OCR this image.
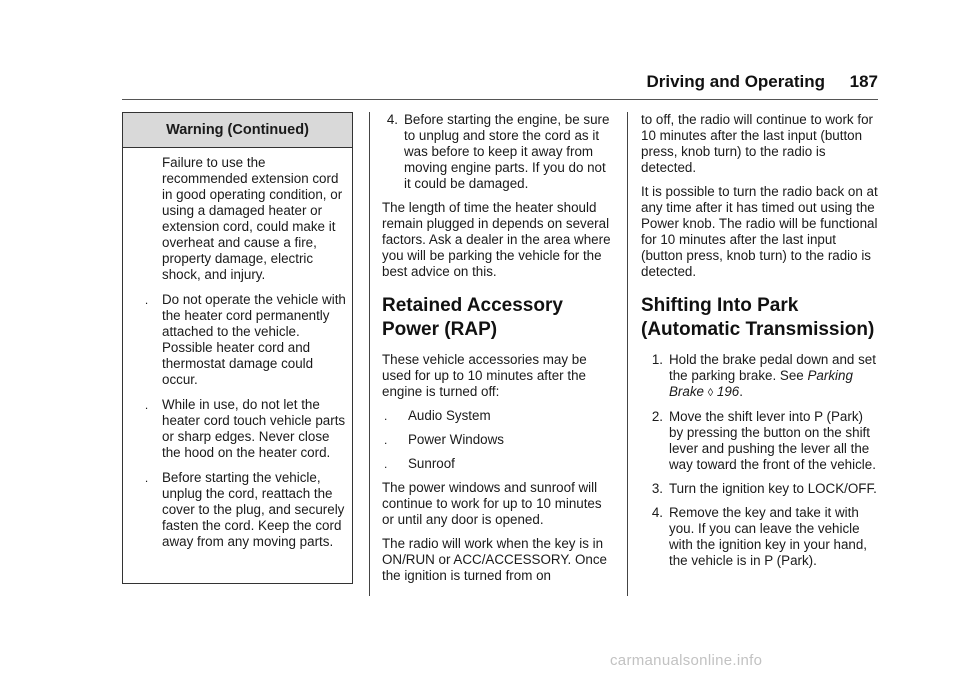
Driving and Operating	187
Warning (Continued)

Failure to use the recommended extension cord in good operating condition, or using a damaged heater or extension cord, could make it overheat and cause a fire, property damage, electric shock, and injury.

.	Do not operate the vehicle with the heater cord permanently attached to the vehicle. Possible heater cord and thermostat damage could occur.
.	While in use, do not let the heater cord touch vehicle parts or sharp edges. Never close the hood on the heater cord.
.	Before starting the vehicle, unplug the cord, reattach the cover to the plug, and securely fasten the cord. Keep the cord away from any moving parts.
4. Before starting the engine, be sure to unplug and store the cord as it was before to keep it away from moving engine parts. If you do not it could be damaged.

The length of time the heater should remain plugged in depends on several factors. Ask a dealer in the area where you will be parking the vehicle for the best advice on this.

Retained Accessory Power (RAP)

These vehicle accessories may be used for up to 10 minutes after the engine is turned off:

.	Audio System
.	Power Windows
.	Sunroof

The power windows and sunroof will continue to work for up to 10 minutes or until any door is opened.

The radio will work when the key is in ON/RUN or ACC/ACCESSORY. Once the ignition is turned from on

to off, the radio will continue to work for 10 minutes after the last input (button press, knob turn) to the radio is detected.

It is possible to turn the radio back on at any time after it has timed out using the Power knob. The radio will be functional for 10 minutes after the last input (button press, knob turn) to the radio is detected.

Shifting Into Park (Automatic Transmission)
1. Hold the brake pedal down and set the parking brake. See Parking Brake ◊ 196.
2. Move the shift lever into P (Park) by pressing the button on the shift lever and pushing the lever all the way toward the front of the vehicle.
3. Turn the ignition key to LOCK/OFF.
4. Remove the key and take it with you. If you can leave the vehicle with the ignition key in your hand, the vehicle is in P (Park).
carmanualsonline.info
